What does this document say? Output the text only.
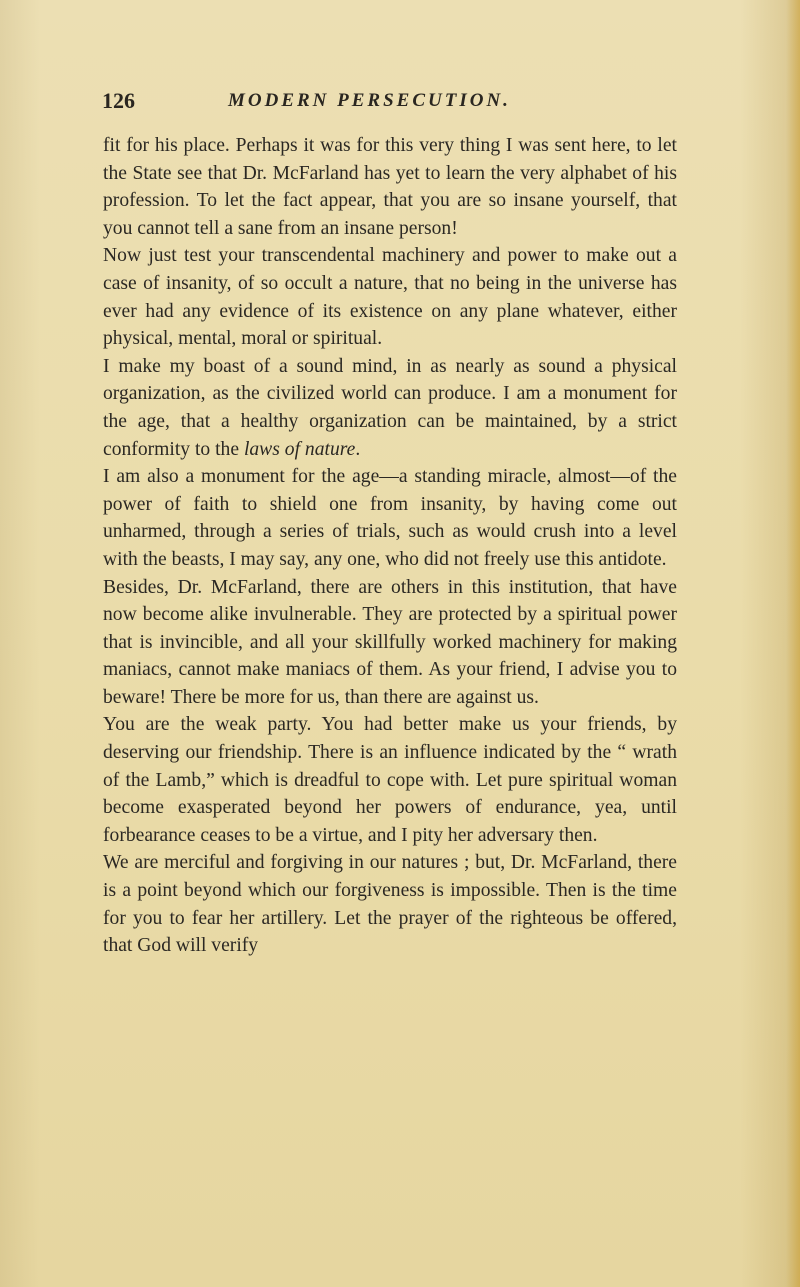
126	MODERN PERSECUTION.

fit for his place. Perhaps it was for this very thing I was sent here, to let the State see that Dr. McFarland has yet to learn the very alphabet of his profession. To let the fact appear, that you are so insane yourself, that you cannot tell a sane from an insane person!

Now just test your transcendental machinery and power to make out a case of insanity, of so occult a nature, that no being in the universe has ever had any evidence of its existence on any plane whatever, either physical, mental, moral or spiritual.

I make my boast of a sound mind, in as nearly as sound a physical organization, as the civilized world can produce. I am a monument for the age, that a healthy organization can be maintained, by a strict conformity to the laws of nature.

I am also a monument for the age—a standing miracle, almost—of the power of faith to shield one from insanity, by having come out unharmed, through a series of trials, such as would crush into a level with the beasts, I may say, any one, who did not freely use this antidote.

Besides, Dr. McFarland, there are others in this institution, that have now become alike invulnerable. They are protected by a spiritual power that is invincible, and all your skillfully worked machinery for making maniacs, cannot make maniacs of them. As your friend, I advise you to beware! There be more for us, than there are against us.

You are the weak party. You had better make us your friends, by deserving our friendship. There is an influence indicated by the “ wrath of the Lamb,” which is dreadful to cope with. Let pure spiritual woman become exasperated beyond her powers of endurance, yea, until forbearance ceases to be a virtue, and I pity her adversary then.

We are merciful and forgiving in our natures ; but, Dr. McFarland, there is a point beyond which our forgiveness is impossible. Then is the time for you to fear her artillery. Let the prayer of the righteous be offered, that God will verify
